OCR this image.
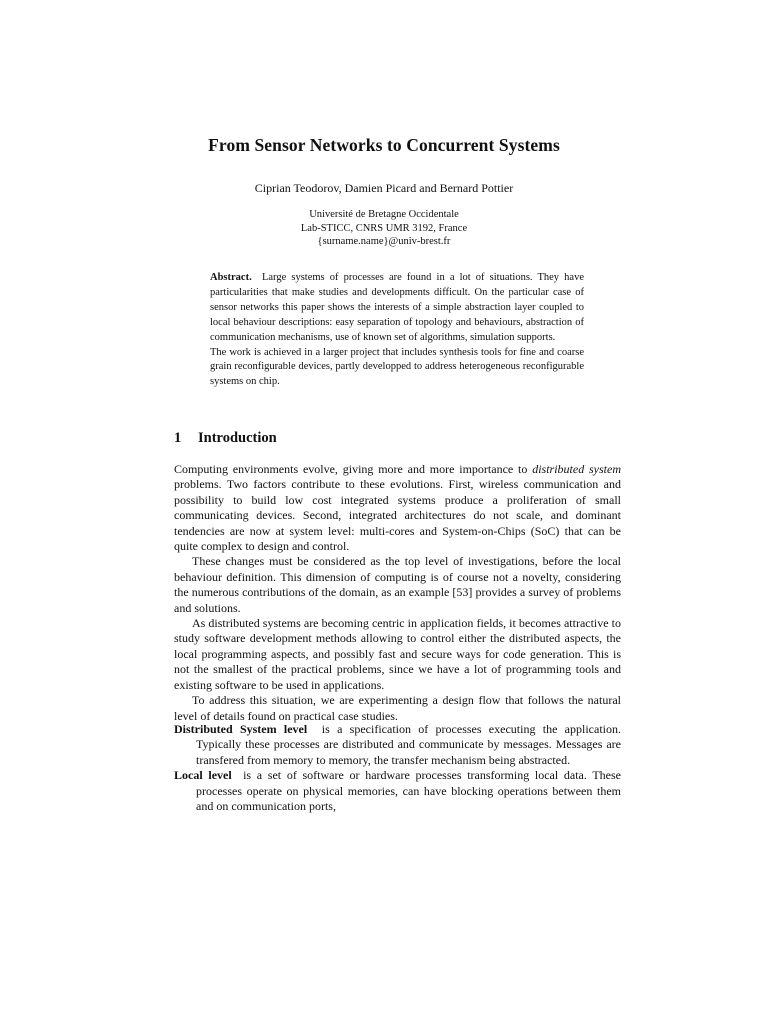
From Sensor Networks to Concurrent Systems
Ciprian Teodorov, Damien Picard and Bernard Pottier
Université de Bretagne Occidentale
Lab-STICC, CNRS UMR 3192, France
{surname.name}@univ-brest.fr

Abstract. Large systems of processes are found in a lot of situations. They have particularities that make studies and developments difficult. On the particular case of sensor networks this paper shows the interests of a simple abstraction layer coupled to local behaviour descriptions: easy separation of topology and behaviours, abstraction of communication mechanisms, use of known set of algorithms, simulation supports.

The work is achieved in a larger project that includes synthesis tools for fine and coarse grain reconfigurable devices, partly developped to address heterogeneous reconfigurable systems on chip.

1 Introduction

Computing environments evolve, giving more and more importance to distributed system problems. Two factors contribute to these evolutions. First, wireless communication and possibility to build low cost integrated systems produce a proliferation of small communicating devices. Second, integrated architectures do not scale, and dominant tendencies are now at system level: multi-cores and System-on-Chips (SoC) that can be quite complex to design and control.

These changes must be considered as the top level of investigations, before the local behaviour definition. This dimension of computing is of course not a novelty, considering the numerous contributions of the domain, as an example [53] provides a survey of problems and solutions.

As distributed systems are becoming centric in application fields, it becomes attractive to study software development methods allowing to control either the distributed aspects, the local programming aspects, and possibly fast and secure ways for code generation. This is not the smallest of the practical problems, since we have a lot of programming tools and existing software to be used in applications.

To address this situation, we are experimenting a design flow that follows the natural level of details found on practical case studies.

Distributed System level is a specification of processes executing the application. Typically these processes are distributed and communicate by messages. Messages are transfered from memory to memory, the transfer mechanism being abstracted.

Local level is a set of software or hardware processes transforming local data. These processes operate on physical memories, can have blocking operations between them and on communication ports,
